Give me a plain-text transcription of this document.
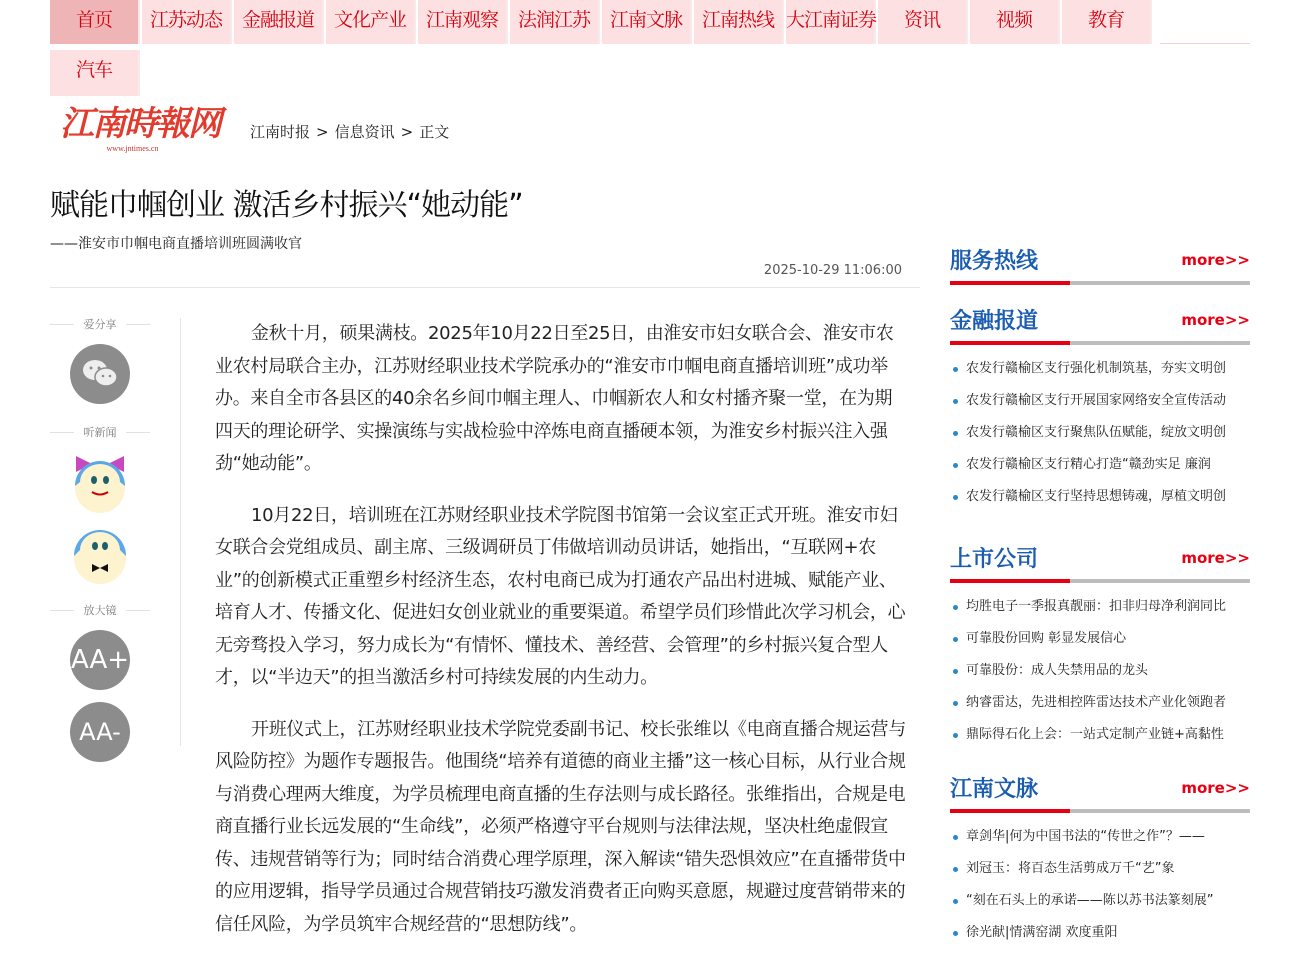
首页	江苏动态	金融报道	文化产业	江南观察	法润江苏	江南文脉	江南热线 大江南证券	资讯	视频	教育
汽车
江南時報网
www.jntimes.cn
江南时报 > 信息资讯 > 正文
赋能巾帼创业 激活乡村振兴“她动能”
——淮安市巾帼电商直播培训班圆满收官
2025-10-29 11:06:00
爱分享
听新闻
放大镜
AA+
AA-

金秋十月，硕果满枝。2025年10月22日至25日，由淮安市妇女联合会、淮安市农业农村局联合主办，江苏财经职业技术学院承办的“淮安市巾帼电商直播培训班”成功举办。来自全市各县区的40余名乡间巾帼主理人、巾帼新农人和女村播齐聚一堂，在为期四天的理论研学、实操演练与实战检验中淬炼电商直播硬本领，为淮安乡村振兴注入强劲“她动能”。

10月22日，培训班在江苏财经职业技术学院图书馆第一会议室正式开班。淮安市妇女联合会党组成员、副主席、三级调研员丁伟做培训动员讲话，她指出，“互联网+农业”的创新模式正重塑乡村经济生态，农村电商已成为打通农产品出村进城、赋能产业、培育人才、传播文化、促进妇女创业就业的重要渠道。希望学员们珍惜此次学习机会，心无旁骛投入学习，努力成长为“有情怀、懂技术、善经营、会管理”的乡村振兴复合型人才，以“半边天”的担当激活乡村可持续发展的内生动力。

开班仪式上，江苏财经职业技术学院党委副书记、校长张维以《电商直播合规运营与风险防控》为题作专题报告。他围绕“培养有道德的商业主播”这一核心目标，从行业合规与消费心理两大维度，为学员梳理电商直播的生存法则与成长路径。张维指出，合规是电商直播行业长远发展的“生命线”，必须严格遵守平台规则与法律法规，坚决杜绝虚假宣传、违规营销等行为；同时结合消费心理学原理，深入解读“错失恐惧效应”在直播带货中的应用逻辑，指导学员通过合规营销技巧激发消费者正向购买意愿，规避过度营销带来的信任风险，为学员筑牢合规经营的“思想防线”。

服务热线	more>>
金融报道	more>>
农发行赣榆区支行强化机制筑基，夯实文明创
农发行赣榆区支行开展国家网络安全宣传活动
农发行赣榆区支行聚焦队伍赋能，绽放文明创
农发行赣榆区支行精心打造“赣劲实足 廉润
农发行赣榆区支行坚持思想铸魂，厚植文明创
上市公司	more>>
均胜电子一季报真靓丽：扣非归母净利润同比
可靠股份回购 彰显发展信心
可靠股份：成人失禁用品的龙头
纳睿雷达，先进相控阵雷达技术产业化领跑者
鼎际得石化上会：一站式定制产业链+高黏性
江南文脉	more>>
章剑华|何为中国书法的“传世之作”？——
刘冠玉：将百态生活剪成万千“艺”象
“刻在石头上的承诺——陈以苏书法篆刻展”
徐光献|情满窑湖 欢度重阳
